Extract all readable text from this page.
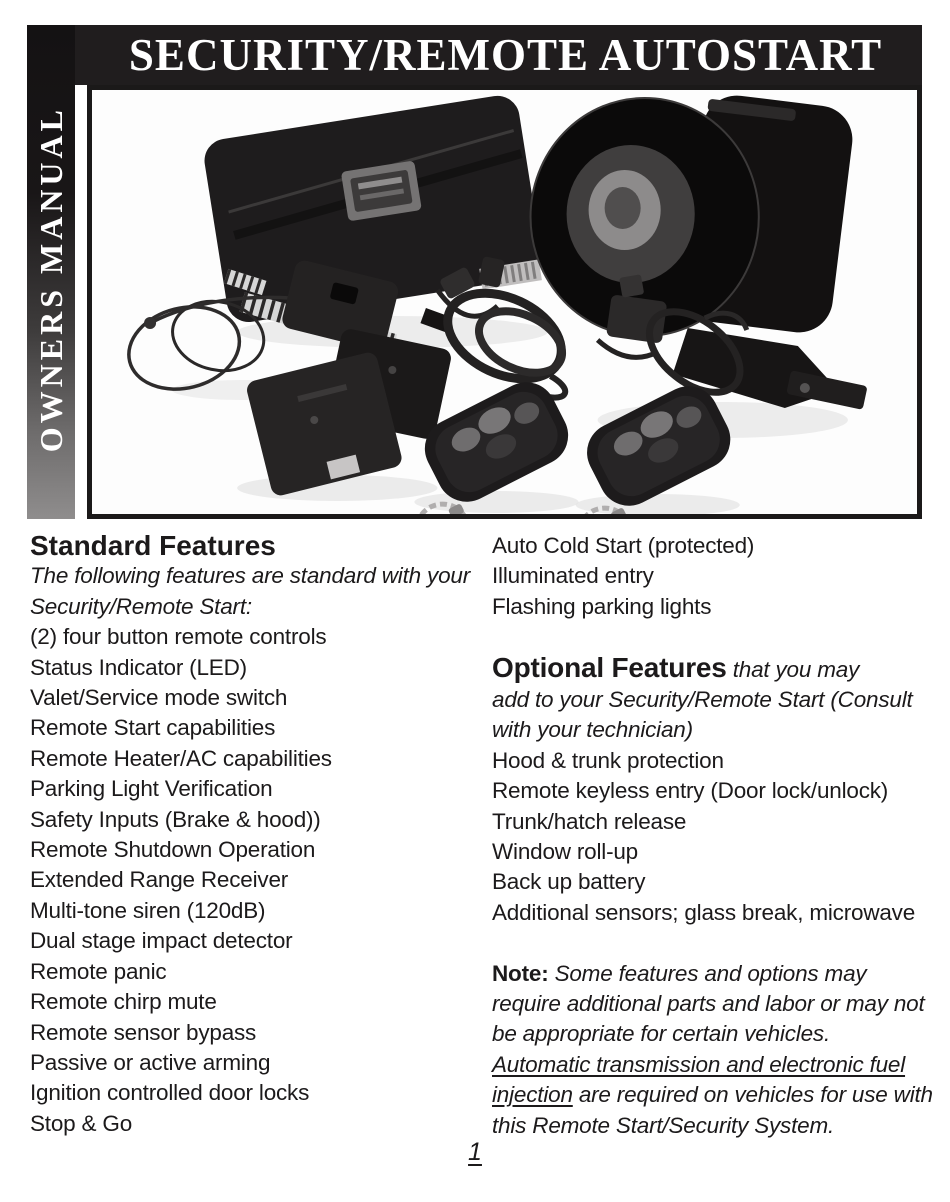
SECURITY/REMOTE AUTOSTART
OWNERS MANUAL
Standard Features
The following features are standard with your
Security/Remote Start:
(2) four button remote controls
Status Indicator (LED)
Valet/Service mode switch
Remote Start capabilities
Remote Heater/AC capabilities
Parking Light Verification
Safety Inputs (Brake & hood))
Remote Shutdown Operation
Extended Range Receiver
Multi-tone siren (120dB)
Dual stage impact detector
Remote panic
Remote chirp mute
Remote sensor bypass
Passive or active arming
Ignition controlled door locks
Stop & Go
Auto Cold Start (protected)
Illuminated entry
Flashing parking lights
Optional Features that you may
add to your Security/Remote Start (Consult
with your technician)
Hood & trunk protection
Remote keyless entry (Door lock/unlock)
Trunk/hatch release
Window roll-up
Back up battery
Additional sensors; glass break, microwave
Note: Some features and options may
require additional parts and labor or may not
be appropriate for certain vehicles.
Automatic transmission and electronic fuel
injection are required on vehicles for use with
this Remote Start/Security System.
1
